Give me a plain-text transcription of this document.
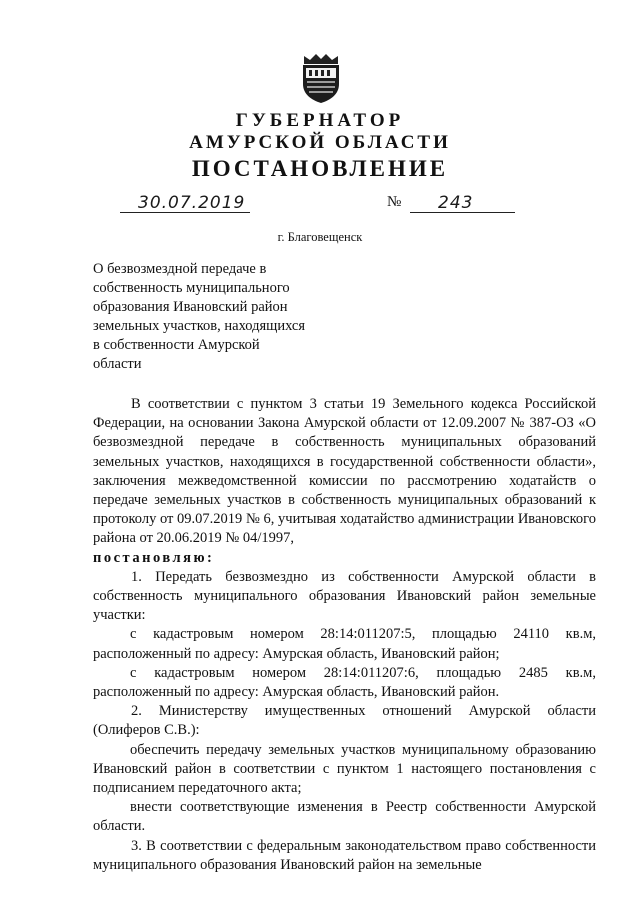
ГУБЕРНАТОР
АМУРСКОЙ ОБЛАСТИ
ПОСТАНОВЛЕНИЕ
30.07.2019	№ 243
г. Благовещенск
О безвозмездной передаче в
собственность муниципального
образования Ивановский район
земельных участков, находящихся
в собственности Амурской
области

В соответствии с пунктом 3 статьи 19 Земельного кодекса Российской Федерации, на основании Закона Амурской области от 12.09.2007 № 387-ОЗ «О безвозмездной передаче в собственность муниципальных образований земельных участков, находящихся в государственной собственности области», заключения межведомственной комиссии по рассмотрению ходатайств о передаче земельных участков в собственность муниципальных образований к протоколу от 09.07.2019 № 6, учитывая ходатайство администрации Ивановского района от 20.06.2019 № 04/1997,

постановляю:

1. Передать безвозмездно из собственности Амурской области в собственность муниципального образования Ивановский район земельные участки:

с кадастровым номером 28:14:011207:5, площадью 24110 кв.м, расположенный по адресу: Амурская область, Ивановский район;

с кадастровым номером 28:14:011207:6, площадью 2485 кв.м, расположенный по адресу: Амурская область, Ивановский район.

2. Министерству имущественных отношений Амурской области (Олиферов С.В.):

обеспечить передачу земельных участков муниципальному образованию Ивановский район в соответствии с пунктом 1 настоящего постановления с подписанием передаточного акта;

внести соответствующие изменения в Реестр собственности Амурской области.

3. В соответствии с федеральным законодательством право собственности муниципального образования Ивановский район на земельные
